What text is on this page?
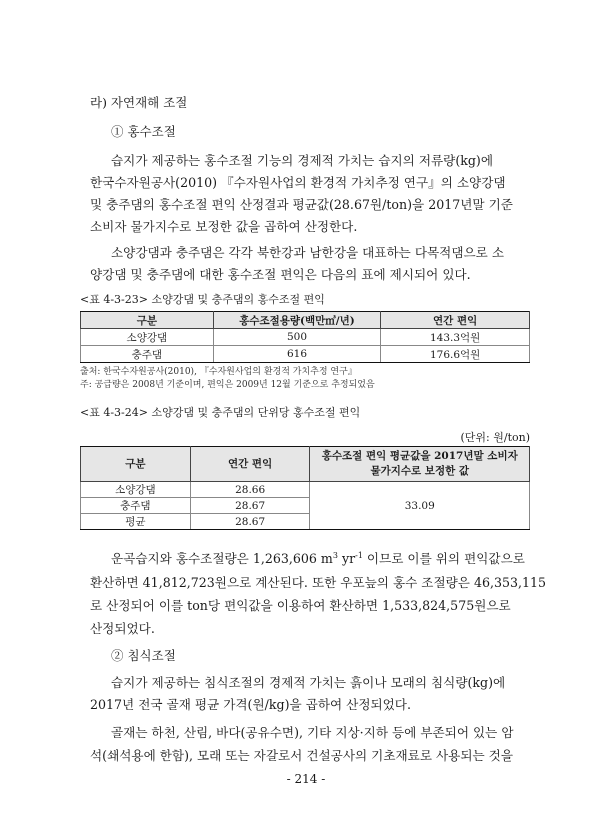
라) 자연재해 조절
① 홍수조절
습지가 제공하는 홍수조절 기능의 경제적 가치는 습지의 저류량(kg)에
한국수자원공사(2010) 『수자원사업의 환경적 가치추정 연구』의 소양강댐
및 충주댐의 홍수조절 편익 산정결과 평균값(28.67원/ton)을 2017년말 기준
소비자 물가지수로 보정한 값을 곱하여 산정한다.
소양강댐과 충주댐은 각각 북한강과 남한강을 대표하는 다목적댐으로 소
양강댐 및 충주댐에 대한 홍수조절 편익은 다음의 표에 제시되어 있다.
<표 4-3-23> 소양강댐 및 충주댐의 홍수조절 편익
구분	홍수조절용량(백만㎥/년)	연간 편익
소양강댐	500	143.3억원
충주댐	616	176.6억원
출처: 한국수자원공사(2010), 『수자원사업의 환경적 가치추정 연구』
주: 공급량은 2008년 기준이며, 편익은 2009년 12월 기준으로 추정되었음
<표 4-3-24> 소양강댐 및 충주댐의 단위당 홍수조절 편익
(단위: 원/ton)
구분	연간 편익	홍수조절 편익 평균값을 2017년말 소비자
물가지수로 보정한 값

소양강댐	28.66	33.09
충주댐	28.67	
평균	28.67	
운곡습지와 홍수조절량은 1,263,606 $m^3$ $yr^{-1}$ 이므로 이를 위의 편익값으로
환산하면 41,812,723원으로 계산된다. 또한 우포늪의 홍수 조절량은 46,353,115
로 산정되어 이를 ton당 편익값을 이용하여 환산하면 1,533,824,575원으로
산정되었다.
② 침식조절
습지가 제공하는 침식조절의 경제적 가치는 흙이나 모래의 침식량(kg)에
2017년 전국 골재 평균 가격(원/kg)을 곱하여 산정되었다.
골재는 하천, 산림, 바다(공유수면), 기타 지상·지하 등에 부존되어 있는 암
석(쇄석용에 한함), 모래 또는 자갈로서 건설공사의 기초재료로 사용되는 것을
- 214 -
